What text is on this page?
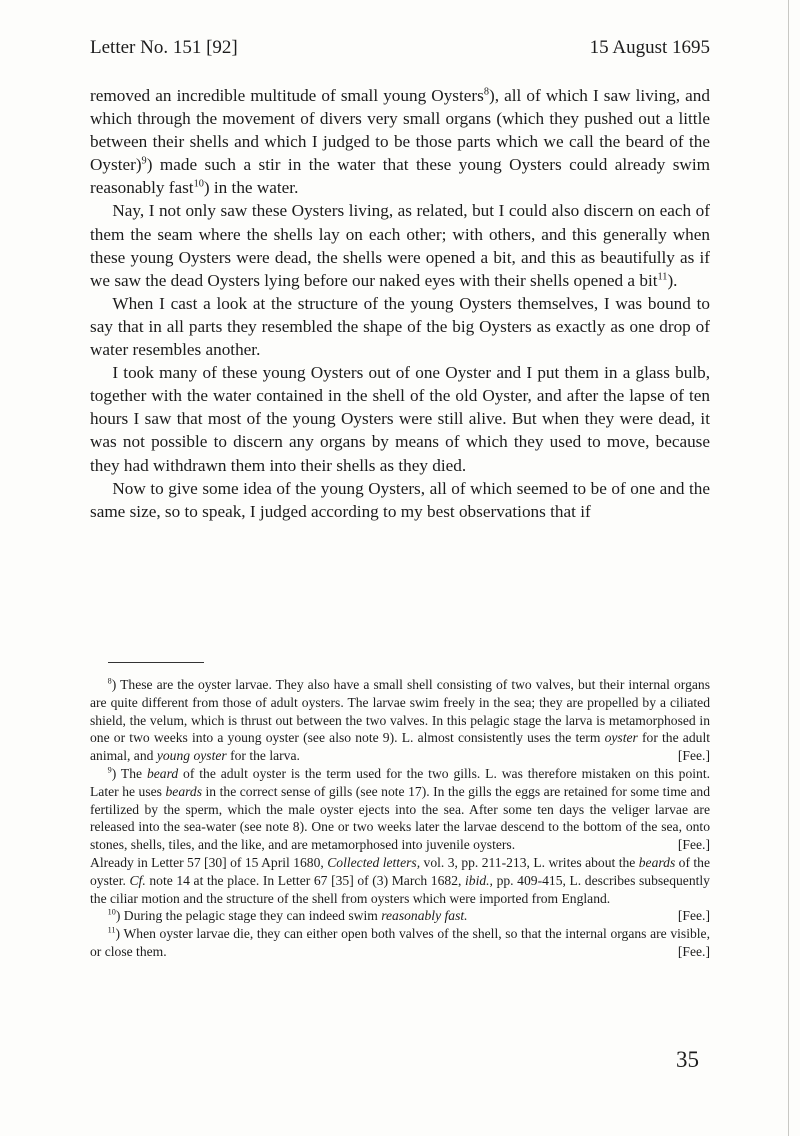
Letter No. 151 [92]	15 August 1695

removed an incredible multitude of small young Oysters$^8$), all of which I saw living, and which through the movement of divers very small organs (which they pushed out a little between their shells and which I judged to be those parts which we call the beard of the Oyster)$^9$) made such a stir in the water that these young Oysters could already swim reasonably fast$^{10}$) in the water.

Nay, I not only saw these Oysters living, as related, but I could also discern on each of them the seam where the shells lay on each other; with others, and this generally when these young Oysters were dead, the shells were opened a bit, and this as beautifully as if we saw the dead Oysters lying before our naked eyes with their shells opened a bit$^{11}$).

When I cast a look at the structure of the young Oysters themselves, I was bound to say that in all parts they resembled the shape of the big Oysters as exactly as one drop of water resembles another.

I took many of these young Oysters out of one Oyster and I put them in a glass bulb, together with the water contained in the shell of the old Oyster, and after the lapse of ten hours I saw that most of the young Oysters were still alive. But when they were dead, it was not possible to discern any organs by means of which they used to move, because they had withdrawn them into their shells as they died.

Now to give some idea of the young Oysters, all of which seemed to be of one and the same size, so to speak, I judged according to my best observations that if

$^8$) These are the oyster larvae. They also have a small shell consisting of two valves, but their internal organs are quite different from those of adult oysters. The larvae swim freely in the sea; they are propelled by a ciliated shield, the velum, which is thrust out between the two valves. In this pelagic stage the larva is metamorphosed in one or two weeks into a young oyster (see also note 9). L. almost consistently uses the term oyster for the adult animal, and young oyster for the larva.	[Fee.]

$^9$) The beard of the adult oyster is the term used for the two gills. L. was therefore mistaken on this point. Later he uses beards in the correct sense of gills (see note 17). In the gills the eggs are retained for some time and fertilized by the sperm, which the male oyster ejects into the sea. After some ten days the veliger larvae are released into the sea-water (see note 8). One or two weeks later the larvae descend to the bottom of the sea, onto stones, shells, tiles, and the like, and are metamorphosed into juvenile oysters.	[Fee.]

Already in Letter 57 [30] of 15 April 1680, Collected letters, vol. 3, pp. 211-213, L. writes about the beards of the oyster. Cf. note 14 at the place. In Letter 67 [35] of (3) March 1682, ibid., pp. 409-415, L. describes subsequently the ciliar motion and the structure of the shell from oysters which were imported from England.

$^{10}$) During the pelagic stage they can indeed swim reasonably fast.	[Fee.]

$^{11}$) When oyster larvae die, they can either open both valves of the shell, so that the internal organs are visible, or close them.	[Fee.]

35
